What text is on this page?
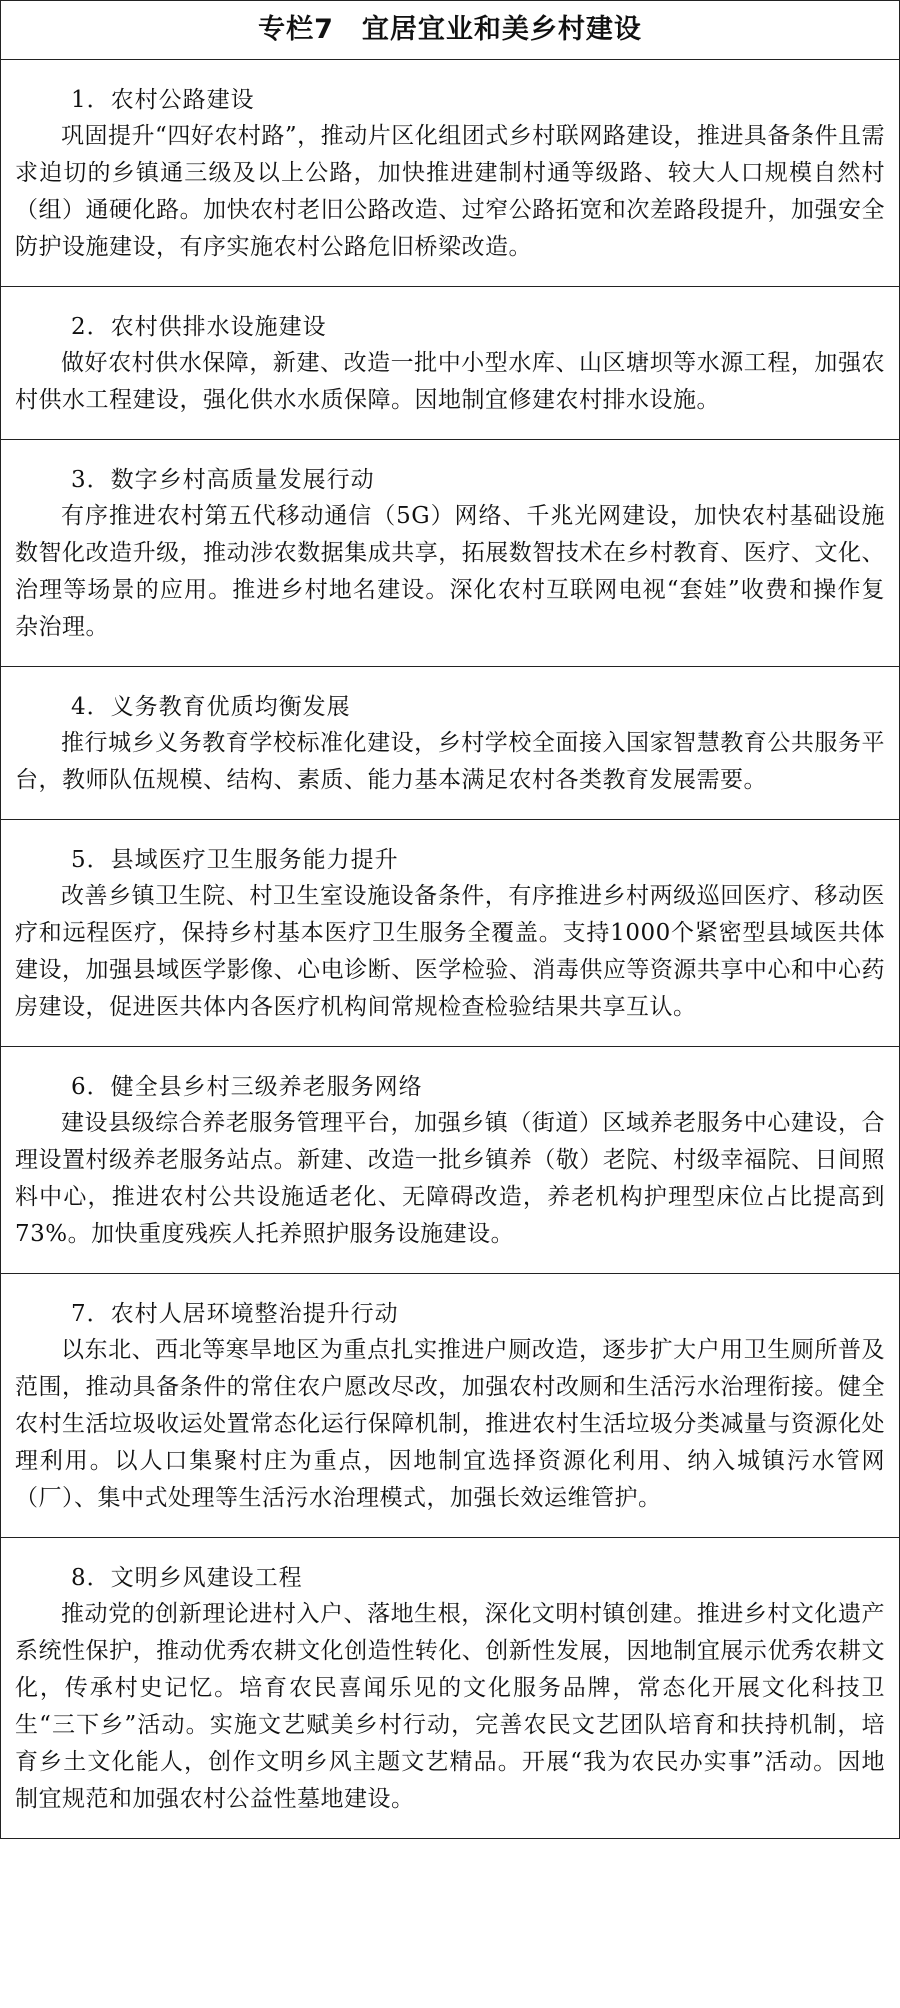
专栏7　宜居宜业和美乡村建设
1．农村公路建设
巩固提升“四好农村路”，推动片区化组团式乡村联网路建设，推进具备条件且需求迫切的乡镇通三级及以上公路，加快推进建制村通等级路、较大人口规模自然村（组）通硬化路。加快农村老旧公路改造、过窄公路拓宽和次差路段提升，加强安全防护设施建设，有序实施农村公路危旧桥梁改造。
2．农村供排水设施建设
做好农村供水保障，新建、改造一批中小型水库、山区塘坝等水源工程，加强农村供水工程建设，强化供水水质保障。因地制宜修建农村排水设施。
3．数字乡村高质量发展行动
有序推进农村第五代移动通信（5G）网络、千兆光网建设，加快农村基础设施数智化改造升级，推动涉农数据集成共享，拓展数智技术在乡村教育、医疗、文化、治理等场景的应用。推进乡村地名建设。深化农村互联网电视“套娃”收费和操作复杂治理。
4．义务教育优质均衡发展
推行城乡义务教育学校标准化建设，乡村学校全面接入国家智慧教育公共服务平台，教师队伍规模、结构、素质、能力基本满足农村各类教育发展需要。
5．县域医疗卫生服务能力提升
改善乡镇卫生院、村卫生室设施设备条件，有序推进乡村两级巡回医疗、移动医疗和远程医疗，保持乡村基本医疗卫生服务全覆盖。支持1000个紧密型县域医共体建设，加强县域医学影像、心电诊断、医学检验、消毒供应等资源共享中心和中心药房建设，促进医共体内各医疗机构间常规检查检验结果共享互认。
6．健全县乡村三级养老服务网络
建设县级综合养老服务管理平台，加强乡镇（街道）区域养老服务中心建设，合理设置村级养老服务站点。新建、改造一批乡镇养（敬）老院、村级幸福院、日间照料中心，推进农村公共设施适老化、无障碍改造，养老机构护理型床位占比提高到73%。加快重度残疾人托养照护服务设施建设。
7．农村人居环境整治提升行动
以东北、西北等寒旱地区为重点扎实推进户厕改造，逐步扩大户用卫生厕所普及范围，推动具备条件的常住农户愿改尽改，加强农村改厕和生活污水治理衔接。健全农村生活垃圾收运处置常态化运行保障机制，推进农村生活垃圾分类减量与资源化处理利用。以人口集聚村庄为重点，因地制宜选择资源化利用、纳入城镇污水管网（厂）、集中式处理等生活污水治理模式，加强长效运维管护。
8．文明乡风建设工程
推动党的创新理论进村入户、落地生根，深化文明村镇创建。推进乡村文化遗产系统性保护，推动优秀农耕文化创造性转化、创新性发展，因地制宜展示优秀农耕文化，传承村史记忆。培育农民喜闻乐见的文化服务品牌，常态化开展文化科技卫生“三下乡”活动。实施文艺赋美乡村行动，完善农民文艺团队培育和扶持机制，培育乡土文化能人，创作文明乡风主题文艺精品。开展“我为农民办实事”活动。因地制宜规范和加强农村公益性墓地建设。
